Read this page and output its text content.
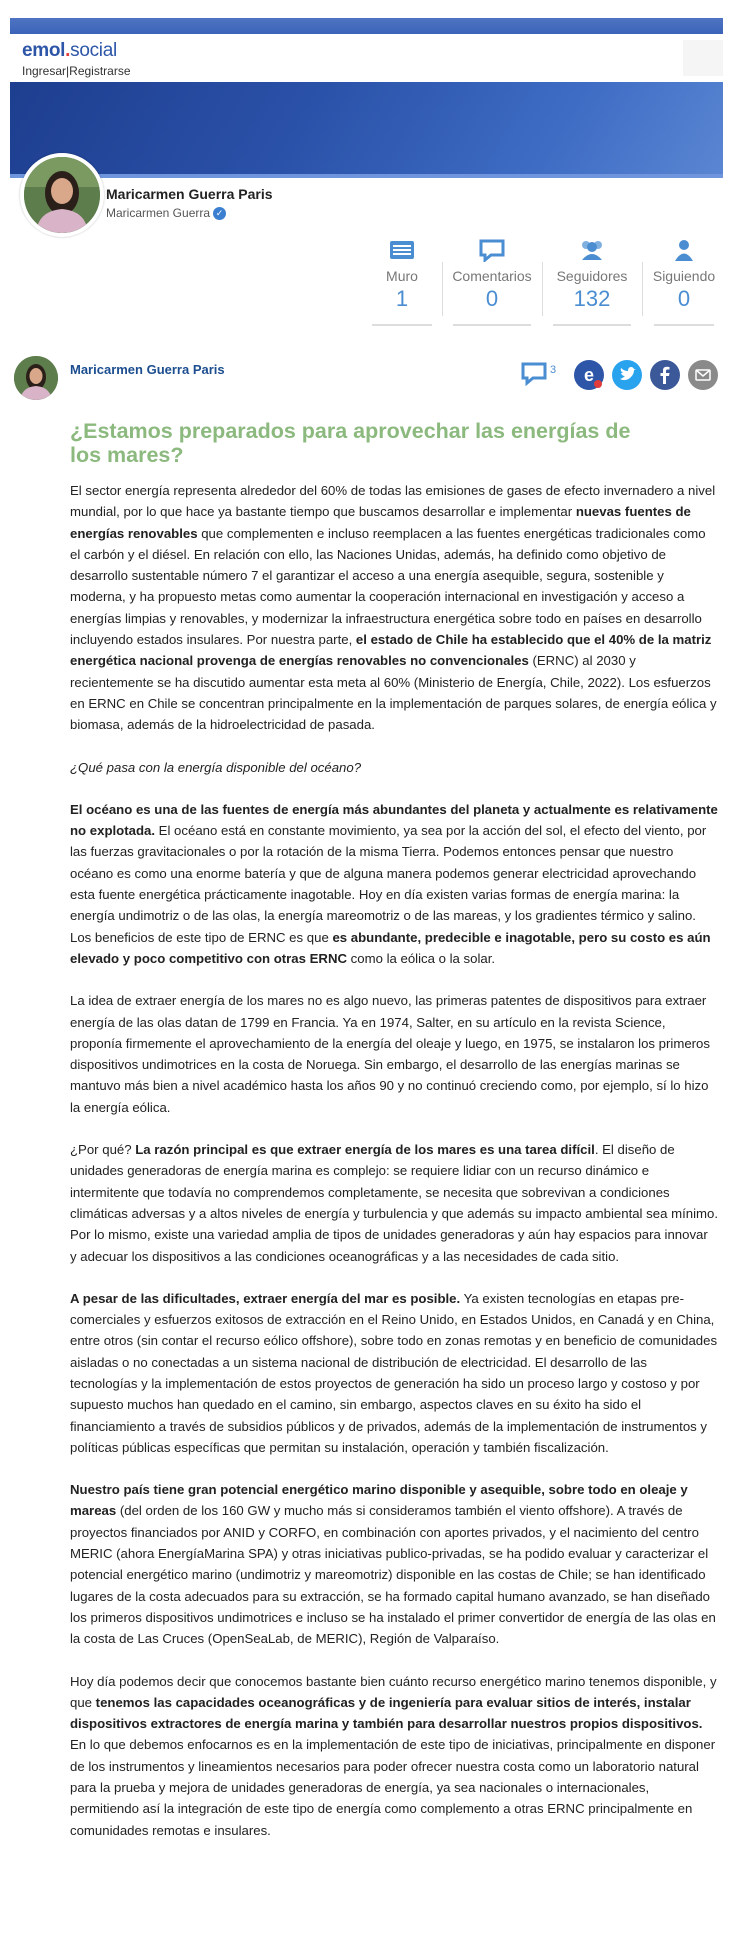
emol.social
Ingresar|Registrarse
Maricarmen Guerra Paris
Maricarmen Guerra ✓
Muro
1
Comentarios
0
Seguidores
132
Siguiendo
0
Maricarmen Guerra Paris	3 e
¿Estamos preparados para aprovechar las energías de los mares?

El sector energía representa alrededor del 60% de todas las emisiones de gases de efecto invernadero a nivel mundial, por lo que hace ya bastante tiempo que buscamos desarrollar e implementar nuevas fuentes de energías renovables que complementen e incluso reemplacen a las fuentes energéticas tradicionales como el carbón y el diésel. En relación con ello, las Naciones Unidas, además, ha definido como objetivo de desarrollo sustentable número 7 el garantizar el acceso a una energía asequible, segura, sostenible y moderna, y ha propuesto metas como aumentar la cooperación internacional en investigación y acceso a energías limpias y renovables, y modernizar la infraestructura energética sobre todo en países en desarrollo incluyendo estados insulares. Por nuestra parte, el estado de Chile ha establecido que el 40% de la matriz energética nacional provenga de energías renovables no convencionales (ERNC) al 2030 y recientemente se ha discutido aumentar esta meta al 60% (Ministerio de Energía, Chile, 2022). Los esfuerzos en ERNC en Chile se concentran principalmente en la implementación de parques solares, de energía eólica y biomasa, además de la hidroelectricidad de pasada.

¿Qué pasa con la energía disponible del océano?

El océano es una de las fuentes de energía más abundantes del planeta y actualmente es relativamente no explotada. El océano está en constante movimiento, ya sea por la acción del sol, el efecto del viento, por las fuerzas gravitacionales o por la rotación de la misma Tierra. Podemos entonces pensar que nuestro océano es como una enorme batería y que de alguna manera podemos generar electricidad aprovechando esta fuente energética prácticamente inagotable. Hoy en día existen varias formas de energía marina: la energía undimotriz o de las olas, la energía mareomotriz o de las mareas, y los gradientes térmico y salino. Los beneficios de este tipo de ERNC es que es abundante, predecible e inagotable, pero su costo es aún elevado y poco competitivo con otras ERNC como la eólica o la solar.

La idea de extraer energía de los mares no es algo nuevo, las primeras patentes de dispositivos para extraer energía de las olas datan de 1799 en Francia. Ya en 1974, Salter, en su artículo en la revista Science, proponía firmemente el aprovechamiento de la energía del oleaje y luego, en 1975, se instalaron los primeros dispositivos undimotrices en la costa de Noruega. Sin embargo, el desarrollo de las energías marinas se mantuvo más bien a nivel académico hasta los años 90 y no continuó creciendo como, por ejemplo, sí lo hizo la energía eólica.

¿Por qué? La razón principal es que extraer energía de los mares es una tarea difícil. El diseño de unidades generadoras de energía marina es complejo: se requiere lidiar con un recurso dinámico e intermitente que todavía no comprendemos completamente, se necesita que sobrevivan a condiciones climáticas adversas y a altos niveles de energía y turbulencia y que además su impacto ambiental sea mínimo. Por lo mismo, existe una variedad amplia de tipos de unidades generadoras y aún hay espacios para innovar y adecuar los dispositivos a las condiciones oceanográficas y a las necesidades de cada sitio.

A pesar de las dificultades, extraer energía del mar es posible. Ya existen tecnologías en etapas pre-comerciales y esfuerzos exitosos de extracción en el Reino Unido, en Estados Unidos, en Canadá y en China, entre otros (sin contar el recurso eólico offshore), sobre todo en zonas remotas y en beneficio de comunidades aisladas o no conectadas a un sistema nacional de distribución de electricidad. El desarrollo de las tecnologías y la implementación de estos proyectos de generación ha sido un proceso largo y costoso y por supuesto muchos han quedado en el camino, sin embargo, aspectos claves en su éxito ha sido el financiamiento a través de subsidios públicos y de privados, además de la implementación de instrumentos y políticas públicas específicas que permitan su instalación, operación y también fiscalización.

Nuestro país tiene gran potencial energético marino disponible y asequible, sobre todo en oleaje y mareas (del orden de los 160 GW y mucho más si consideramos también el viento offshore). A través de proyectos financiados por ANID y CORFO, en combinación con aportes privados, y el nacimiento del centro MERIC (ahora EnergíaMarina SPA) y otras iniciativas publico-privadas, se ha podido evaluar y caracterizar el potencial energético marino (undimotriz y mareomotriz) disponible en las costas de Chile; se han identificado lugares de la costa adecuados para su extracción, se ha formado capital humano avanzado, se han diseñado los primeros dispositivos undimotrices e incluso se ha instalado el primer convertidor de energía de las olas en la costa de Las Cruces (OpenSeaLab, de MERIC), Región de Valparaíso.

Hoy día podemos decir que conocemos bastante bien cuánto recurso energético marino tenemos disponible, y que tenemos las capacidades oceanográficas y de ingeniería para evaluar sitios de interés, instalar dispositivos extractores de energía marina y también para desarrollar nuestros propios dispositivos. En lo que debemos enfocarnos es en la implementación de este tipo de iniciativas, principalmente en disponer de los instrumentos y lineamientos necesarios para poder ofrecer nuestra costa como un laboratorio natural para la prueba y mejora de unidades generadoras de energía, ya sea nacionales o internacionales, permitiendo así la integración de este tipo de energía como complemento a otras ERNC principalmente en comunidades remotas e insulares.
